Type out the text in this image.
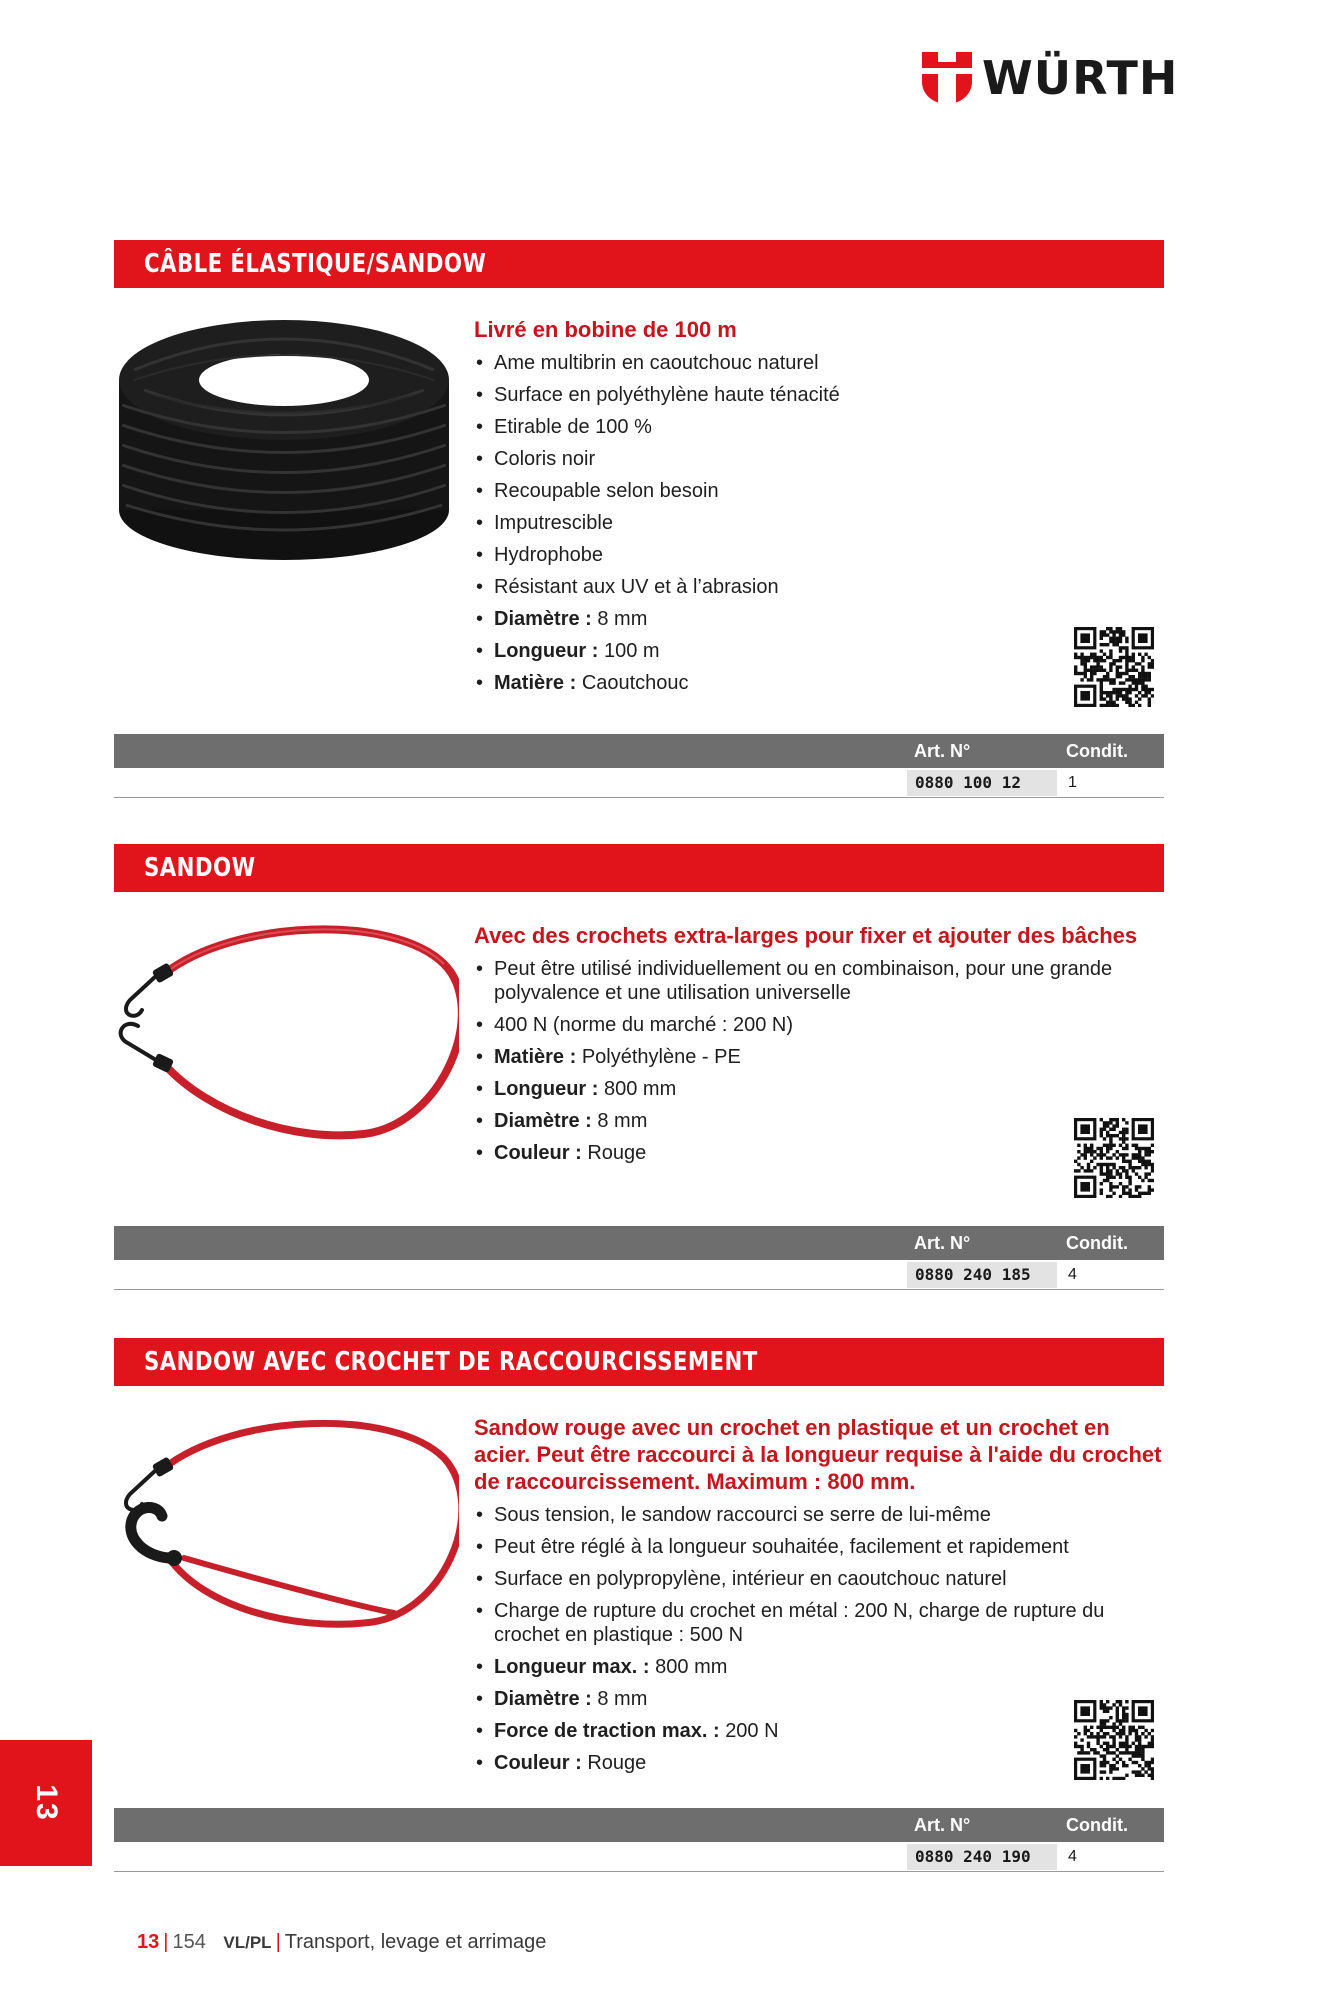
WÜRTH
CÂBLE ÉLASTIQUE/SANDOW
Livré en bobine de 100 m
• Ame multibrin en caoutchouc naturel
• Surface en polyéthylène haute ténacité
• Etirable de 100 %
• Coloris noir
• Recoupable selon besoin
• Imputrescible
• Hydrophobe
• Résistant aux UV et à l’abrasion
• Diamètre : 8 mm
• Longueur : 100 m
• Matière : Caoutchouc
Art. N°	Condit.
0880 100 12	1
SANDOW
Avec des crochets extra-larges pour fixer et ajouter des bâches
• Peut être utilisé individuellement ou en combinaison, pour une grande polyvalence et une utilisation universelle
• 400 N (norme du marché : 200 N)
• Matière : Polyéthylène - PE
• Longueur : 800 mm
• Diamètre : 8 mm
• Couleur : Rouge
Art. N°	Condit.
0880 240 185	4
SANDOW AVEC CROCHET DE RACCOURCISSEMENT
Sandow rouge avec un crochet en plastique et un crochet en acier. Peut être raccourci à la longueur requise à l'aide du crochet de raccourcissement. Maximum : 800 mm.
• Sous tension, le sandow raccourci se serre de lui-même
• Peut être réglé à la longueur souhaitée, facilement et rapidement
• Surface en polypropylène, intérieur en caoutchouc naturel
• Charge de rupture du crochet en métal : 200 N, charge de rupture du crochet en plastique : 500 N
• Longueur max. : 800 mm
• Diamètre : 8 mm
• Force de traction max. : 200 N
• Couleur : Rouge
Art. N°	Condit.
0880 240 190	4
13
13 | 154 VL/PL | Transport, levage et arrimage
